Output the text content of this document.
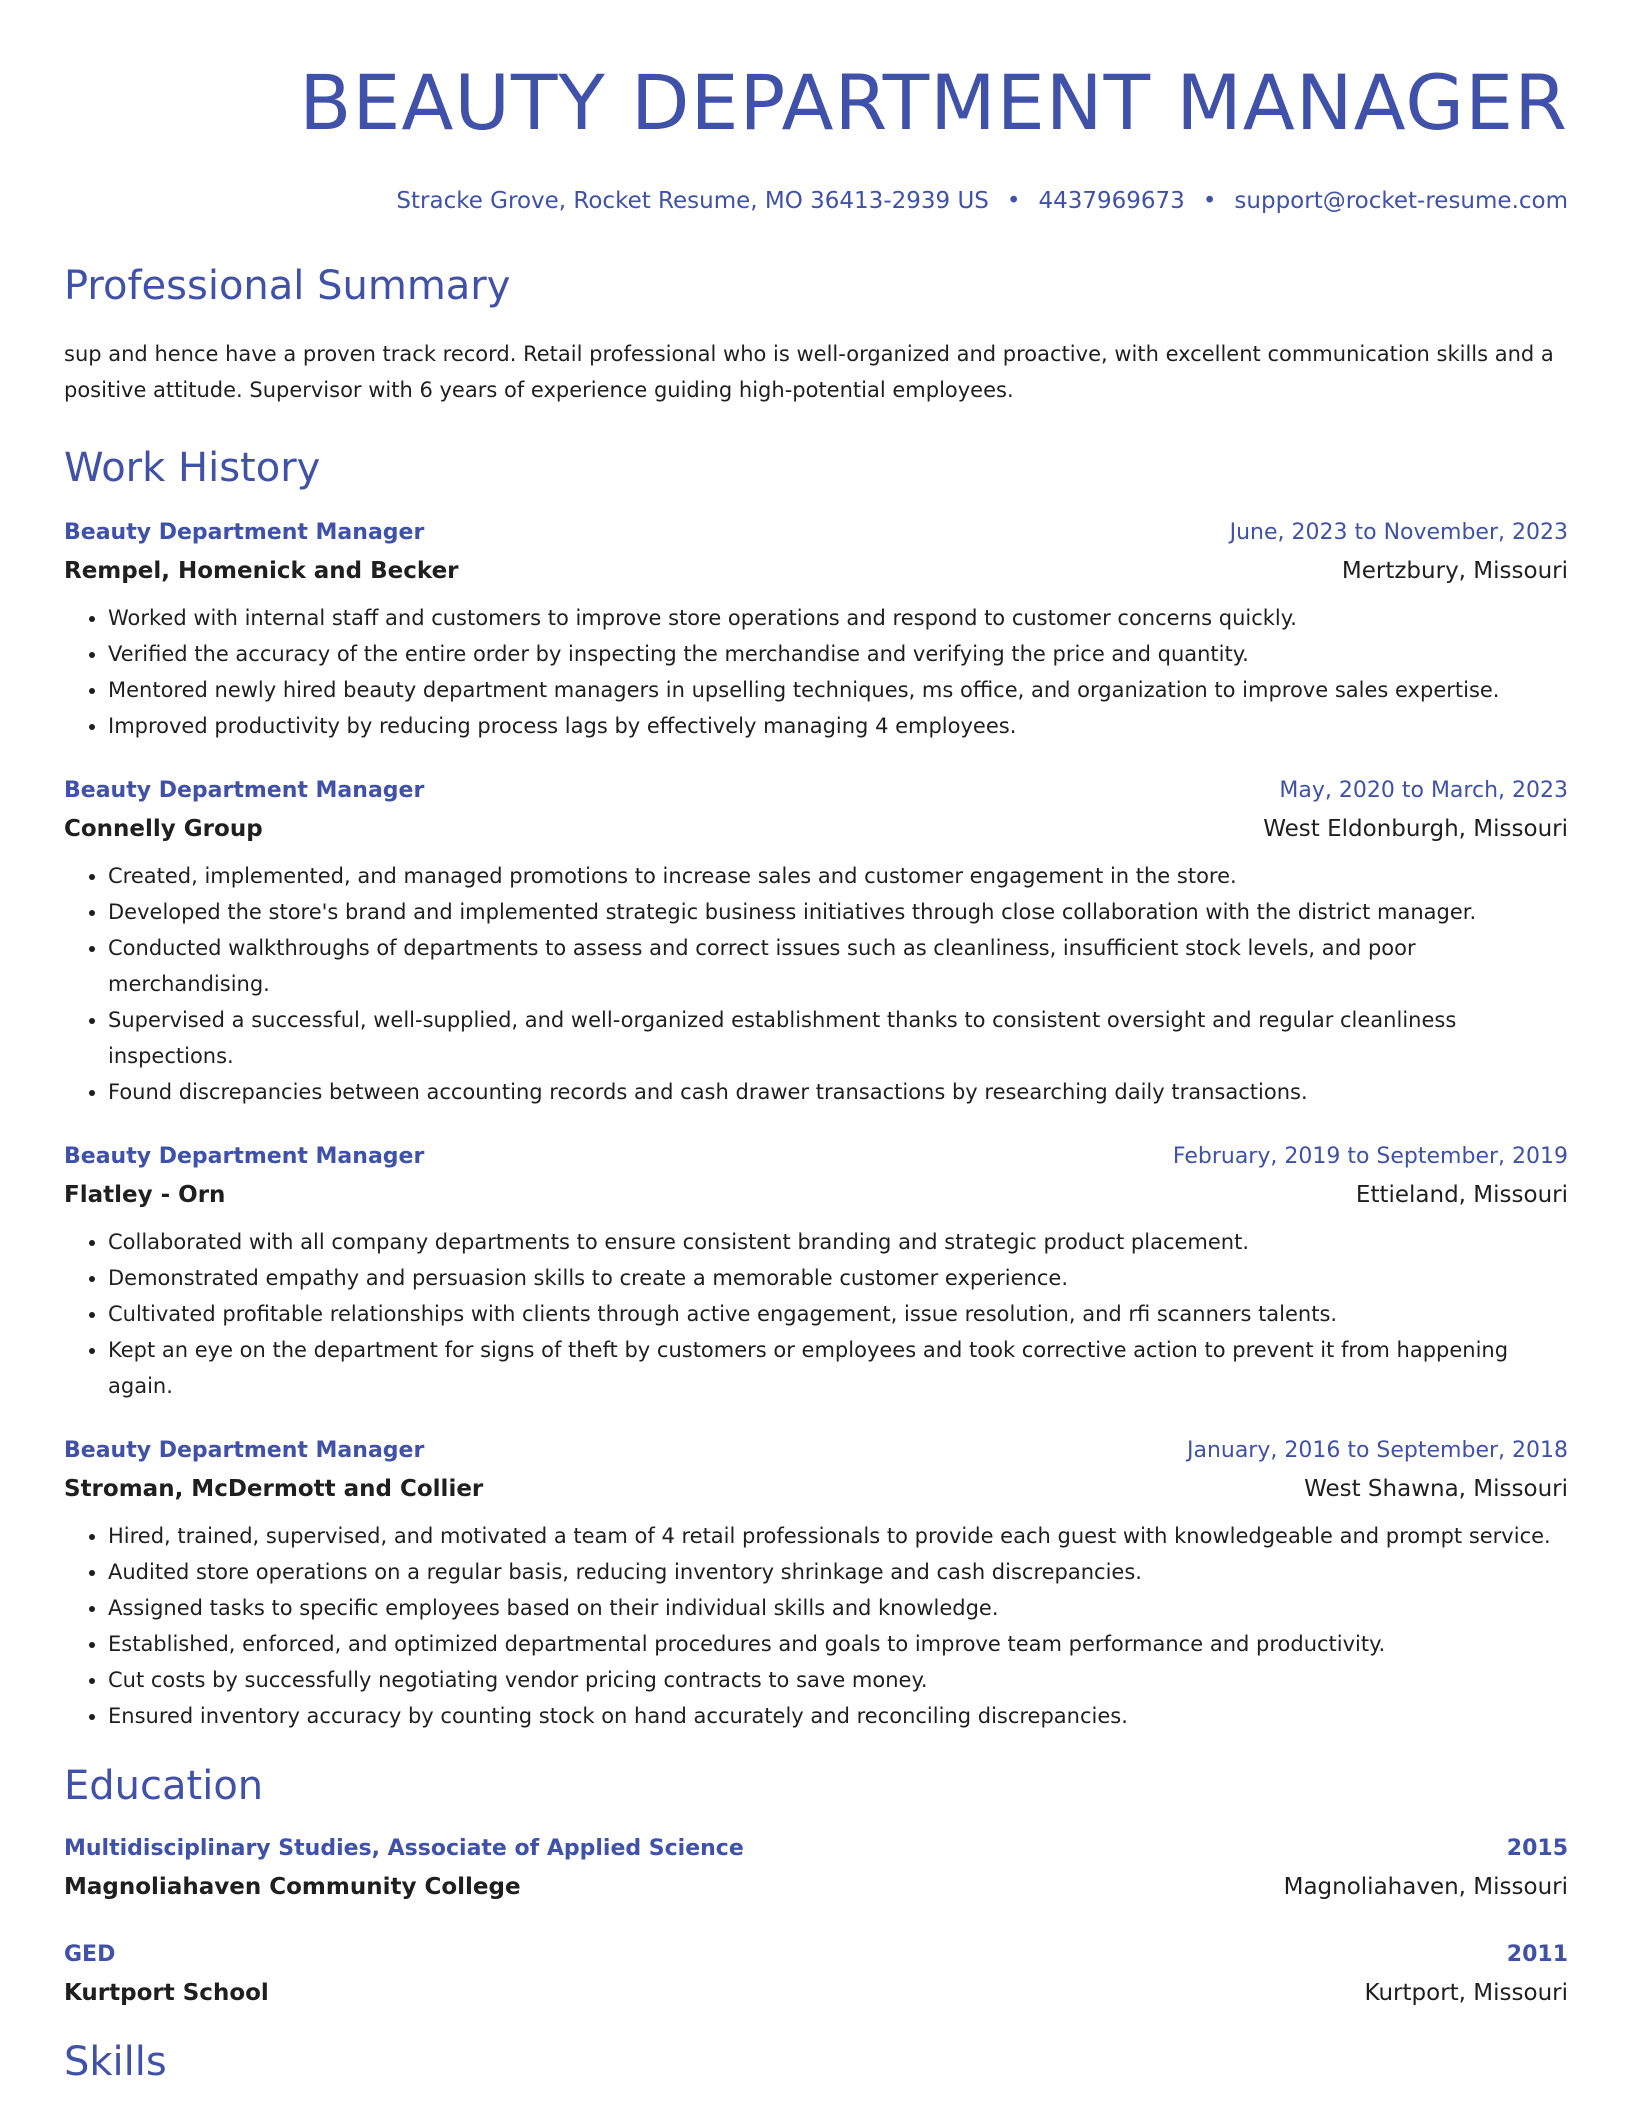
BEAUTY DEPARTMENT MANAGER
Stracke Grove, Rocket Resume, MO 36413-2939 US • 4437969673 • support@rocket-resume.com
Professional Summary
sup and hence have a proven track record. Retail professional who is well-organized and proactive, with excellent communication skills and a positive attitude. Supervisor with 6 years of experience guiding high-potential employees.
Work History
Beauty Department Manager	June, 2023 to November, 2023
Rempel, Homenick and Becker	Mertzbury, Missouri
• Worked with internal staff and customers to improve store operations and respond to customer concerns quickly.
• Verified the accuracy of the entire order by inspecting the merchandise and verifying the price and quantity.
• Mentored newly hired beauty department managers in upselling techniques, ms office, and organization to improve sales expertise.
• Improved productivity by reducing process lags by effectively managing 4 employees.
Beauty Department Manager	May, 2020 to March, 2023
Connelly Group	West Eldonburgh, Missouri
• Created, implemented, and managed promotions to increase sales and customer engagement in the store.
• Developed the store's brand and implemented strategic business initiatives through close collaboration with the district manager.
• Conducted walkthroughs of departments to assess and correct issues such as cleanliness, insufficient stock levels, and poor merchandising.
• Supervised a successful, well-supplied, and well-organized establishment thanks to consistent oversight and regular cleanliness inspections.
• Found discrepancies between accounting records and cash drawer transactions by researching daily transactions.
Beauty Department Manager	February, 2019 to September, 2019
Flatley - Orn	Ettieland, Missouri
• Collaborated with all company departments to ensure consistent branding and strategic product placement.
• Demonstrated empathy and persuasion skills to create a memorable customer experience.
• Cultivated profitable relationships with clients through active engagement, issue resolution, and rfi scanners talents.
• Kept an eye on the department for signs of theft by customers or employees and took corrective action to prevent it from happening again.
Beauty Department Manager	January, 2016 to September, 2018
Stroman, McDermott and Collier	West Shawna, Missouri
• Hired, trained, supervised, and motivated a team of 4 retail professionals to provide each guest with knowledgeable and prompt service.
• Audited store operations on a regular basis, reducing inventory shrinkage and cash discrepancies.
• Assigned tasks to specific employees based on their individual skills and knowledge.
• Established, enforced, and optimized departmental procedures and goals to improve team performance and productivity.
• Cut costs by successfully negotiating vendor pricing contracts to save money.
• Ensured inventory accuracy by counting stock on hand accurately and reconciling discrepancies.
Education
Multidisciplinary Studies, Associate of Applied Science	2015
Magnoliahaven Community College	Magnoliahaven, Missouri
GED	2011
Kurtport School	Kurtport, Missouri
Skills
